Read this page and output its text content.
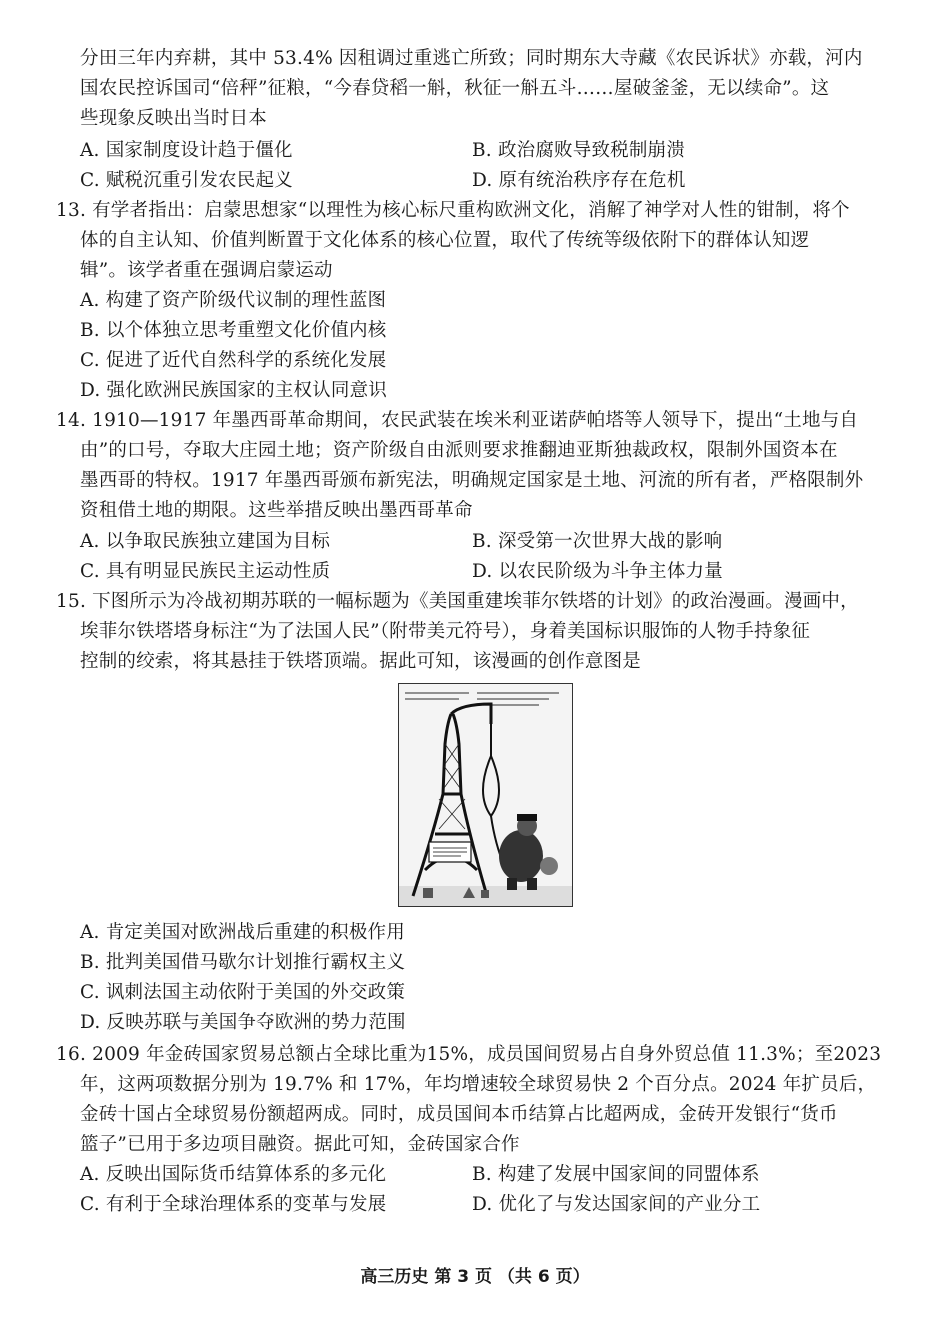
分田三年内弃耕，其中 53.4% 因租调过重逃亡所致；同时期东大寺藏《农民诉状》亦载，河内
国农民控诉国司“倍秤”征粮，“今春贷稻一斛，秋征一斛五斗……屋破釜釜，无以续命”。这
些现象反映出当时日本
A. 国家制度设计趋于僵化	B. 政治腐败导致税制崩溃
C. 赋税沉重引发农民起义	D. 原有统治秩序存在危机
13. 有学者指出：启蒙思想家“以理性为核心标尺重构欧洲文化，消解了神学对人性的钳制，将个
体的自主认知、价值判断置于文化体系的核心位置，取代了传统等级依附下的群体认知逻
辑”。该学者重在强调启蒙运动
A. 构建了资产阶级代议制的理性蓝图
B. 以个体独立思考重塑文化价值内核
C. 促进了近代自然科学的系统化发展
D. 强化欧洲民族国家的主权认同意识
14. 1910—1917 年墨西哥革命期间，农民武装在埃米利亚诺萨帕塔等人领导下，提出“土地与自
由”的口号，夺取大庄园土地；资产阶级自由派则要求推翻迪亚斯独裁政权，限制外国资本在
墨西哥的特权。1917 年墨西哥颁布新宪法，明确规定国家是土地、河流的所有者，严格限制外
资租借土地的期限。这些举措反映出墨西哥革命
A. 以争取民族独立建国为目标	B. 深受第一次世界大战的影响
C. 具有明显民族民主运动性质	D. 以农民阶级为斗争主体力量
15. 下图所示为冷战初期苏联的一幅标题为《美国重建埃菲尔铁塔的计划》的政治漫画。漫画中，
埃菲尔铁塔塔身标注“为了法国人民”（附带美元符号），身着美国标识服饰的人物手持象征
控制的绞索，将其悬挂于铁塔顶端。据此可知，该漫画的创作意图是
A. 肯定美国对欧洲战后重建的积极作用
B. 批判美国借马歇尔计划推行霸权主义
C. 讽刺法国主动依附于美国的外交政策
D. 反映苏联与美国争夺欧洲的势力范围
16. 2009 年金砖国家贸易总额占全球比重为15%，成员国间贸易占自身外贸总值 11.3%；至2023
年，这两项数据分别为 19.7% 和 17%，年均增速较全球贸易快 2 个百分点。2024 年扩员后，
金砖十国占全球贸易份额超两成。同时，成员国间本币结算占比超两成，金砖开发银行“货币
篮子”已用于多边项目融资。据此可知，金砖国家合作
A. 反映出国际货币结算体系的多元化	B. 构建了发展中国家间的同盟体系
C. 有利于全球治理体系的变革与发展	D. 优化了与发达国家间的产业分工
高三历史 第 3 页 （共 6 页）
